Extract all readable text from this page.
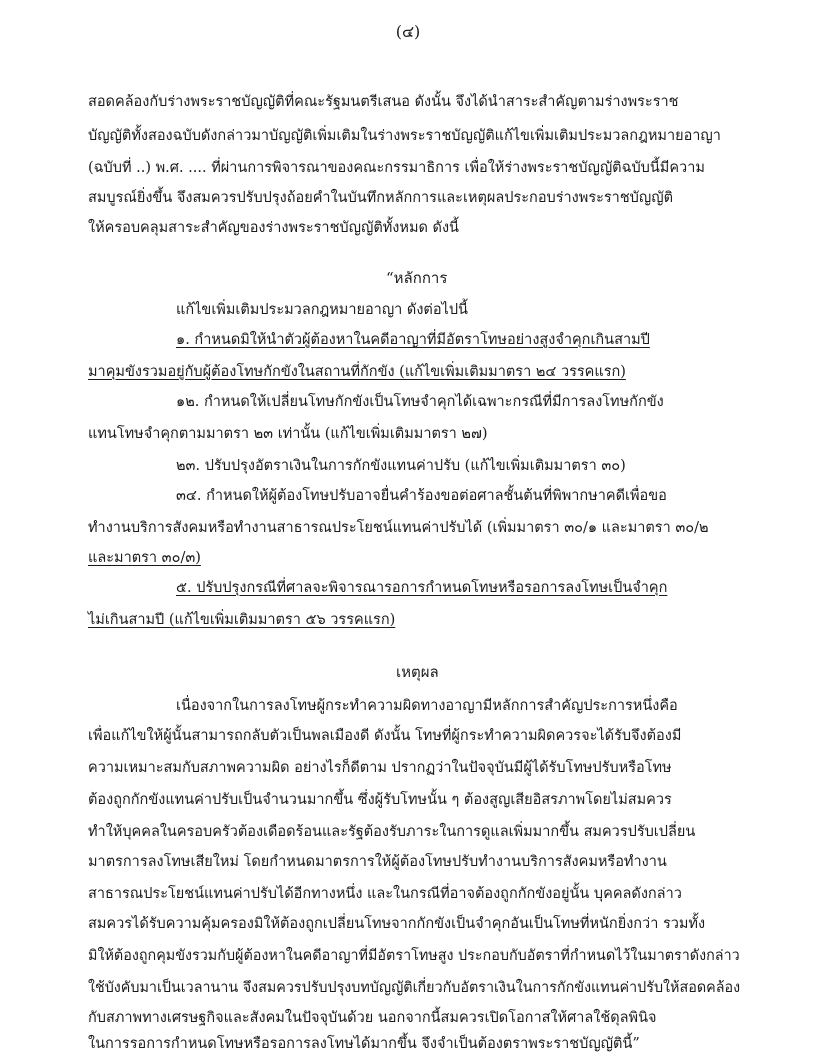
(๔)
สอดคล้องกับร่างพระราชบัญญัติที่คณะรัฐมนตรีเสนอ ดังนั้น จึงได้นำสาระสำคัญตามร่างพระราช
บัญญัติทั้งสองฉบับดังกล่าวมาบัญญัติเพิ่มเติมในร่างพระราชบัญญัติแก้ไขเพิ่มเติมประมวลกฎหมายอาญา
(ฉบับที่ ..) พ.ศ. .... ที่ผ่านการพิจารณาของคณะกรรมาธิการ เพื่อให้ร่างพระราชบัญญัติฉบับนี้มีความ
สมบูรณ์ยิ่งขึ้น จึงสมควรปรับปรุงถ้อยคำในบันทึกหลักการและเหตุผลประกอบร่างพระราชบัญญัติ
ให้ครอบคลุมสาระสำคัญของร่างพระราชบัญญัติทั้งหมด ดังนี้
“หลักการ
แก้ไขเพิ่มเติมประมวลกฎหมายอาญา ดังต่อไปนี้
๑. กำหนดมิให้นำตัวผู้ต้องหาในคดีอาญาที่มีอัตราโทษอย่างสูงจำคุกเกินสามปี
มาคุมขังรวมอยู่กับผู้ต้องโทษกักขังในสถานที่กักขัง (แก้ไขเพิ่มเติมมาตรา ๒๔ วรรคแรก)
๑๒. กำหนดให้เปลี่ยนโทษกักขังเป็นโทษจำคุกได้เฉพาะกรณีที่มีการลงโทษกักขัง
แทนโทษจำคุกตามมาตรา ๒๓ เท่านั้น (แก้ไขเพิ่มเติมมาตรา ๒๗)
๒๓. ปรับปรุงอัตราเงินในการกักขังแทนค่าปรับ (แก้ไขเพิ่มเติมมาตรา ๓๐)
๓๔. กำหนดให้ผู้ต้องโทษปรับอาจยื่นคำร้องขอต่อศาลชั้นต้นที่พิพากษาคดีเพื่อขอ
ทำงานบริการสังคมหรือทำงานสาธารณประโยชน์แทนค่าปรับได้ (เพิ่มมาตรา ๓๐/๑ และมาตรา ๓๐/๒
และมาตรา ๓๐/๓)
๕. ปรับปรุงกรณีที่ศาลจะพิจารณารอการกำหนดโทษหรือรอการลงโทษเป็นจำคุก
ไม่เกินสามปี (แก้ไขเพิ่มเติมมาตรา ๕๖ วรรคแรก)
เหตุผล
เนื่องจากในการลงโทษผู้กระทำความผิดทางอาญามีหลักการสำคัญประการหนึ่งคือ
เพื่อแก้ไขให้ผู้นั้นสามารถกลับตัวเป็นพลเมืองดี ดังนั้น โทษที่ผู้กระทำความผิดควรจะได้รับจึงต้องมี
ความเหมาะสมกับสภาพความผิด อย่างไรก็ดีตาม ปรากฏว่าในปัจจุบันมีผู้ได้รับโทษปรับหรือโทษ
ต้องถูกกักขังแทนค่าปรับเป็นจำนวนมากขึ้น ซึ่งผู้รับโทษนั้น ๆ ต้องสูญเสียอิสรภาพโดยไม่สมควร
ทำให้บุคคลในครอบครัวต้องเดือดร้อนและรัฐต้องรับภาระในการดูแลเพิ่มมากขึ้น สมควรปรับเปลี่ยน
มาตรการลงโทษเสียใหม่ โดยกำหนดมาตรการให้ผู้ต้องโทษปรับทำงานบริการสังคมหรือทำงาน
สาธารณประโยชน์แทนค่าปรับได้อีกทางหนึ่ง และในกรณีที่อาจต้องถูกกักขังอยู่นั้น บุคคลดังกล่าว
สมควรได้รับความคุ้มครองมิให้ต้องถูกเปลี่ยนโทษจากกักขังเป็นจำคุกอันเป็นโทษที่หนักยิ่งกว่า รวมทั้ง
มิให้ต้องถูกคุมขังรวมกับผู้ต้องหาในคดีอาญาที่มีอัตราโทษสูง ประกอบกับอัตราที่กำหนดไว้ในมาตราดังกล่าว
ใช้บังคับมาเป็นเวลานาน จึงสมควรปรับปรุงบทบัญญัติเกี่ยวกับอัตราเงินในการกักขังแทนค่าปรับให้สอดคล้อง
กับสภาพทางเศรษฐกิจและสังคมในปัจจุบันด้วย นอกจากนี้สมควรเปิดโอกาสให้ศาลใช้ดุลพินิจ
ในการรอการกำหนดโทษหรือรอการลงโทษได้มากขึ้น จึงจำเป็นต้องตราพระราชบัญญัตินี้”
